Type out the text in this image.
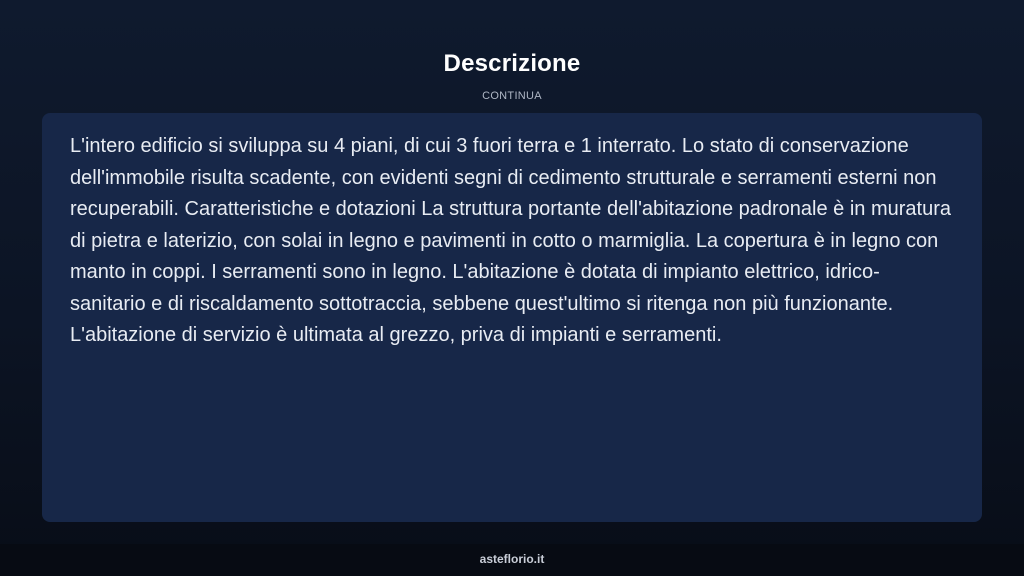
Descrizione
CONTINUA

L'intero edificio si sviluppa su 4 piani, di cui 3 fuori terra e 1 interrato. Lo stato di conservazione dell'immobile risulta scadente, con evidenti segni di cedimento strutturale e serramenti esterni non recuperabili. Caratteristiche e dotazioni La struttura portante dell'abitazione padronale è in muratura di pietra e laterizio, con solai in legno e pavimenti in cotto o marmiglia. La copertura è in legno con manto in coppi. I serramenti sono in legno. L'abitazione è dotata di impianto elettrico, idrico-sanitario e di riscaldamento sottotraccia, sebbene quest'ultimo si ritenga non più funzionante. L'abitazione di servizio è ultimata al grezzo, priva di impianti e serramenti.

asteflorio.it
